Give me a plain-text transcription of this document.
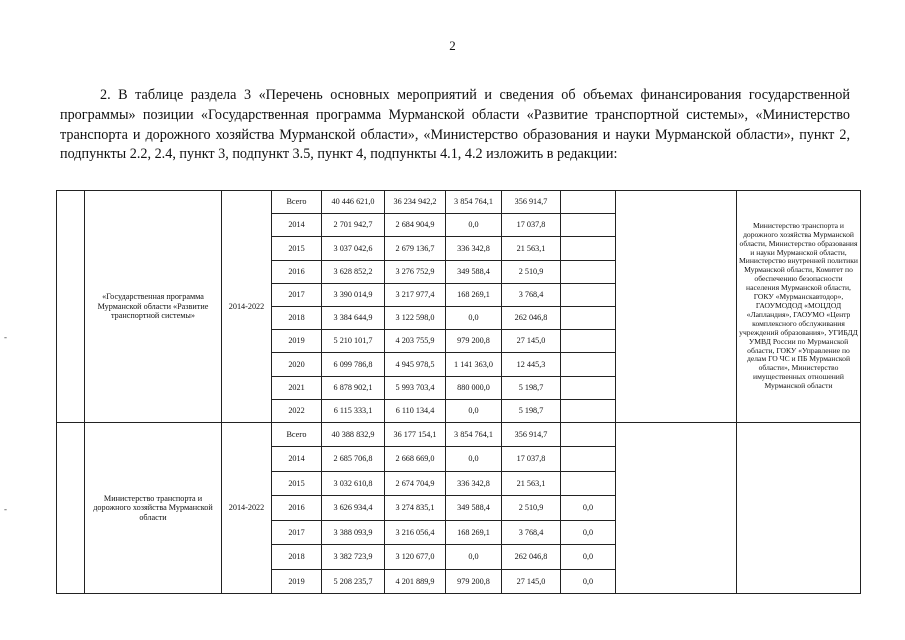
2
2. В таблице раздела 3 «Перечень основных мероприятий и сведения об объемах финансирования государственной программы» позиции «Государственная программа Мурманской области «Развитие транспортной системы», «Министерство транспорта и дорожного хозяйства Мурманской области», «Министерство образования и науки Мурманской области», пункт 2, подпункты 2.2, 2.4, пункт 3, подпункт 3.5, пункт 4, подпункты 4.1, 4.2 изложить в редакции:
-
-
	«Государственная программа Мурманской области «Развитие транспортной системы»	2014-2022	Всего	40 446 621,0	36 234 942,2	3 854 764,1	356 914,7			Министерство транспорта и дорожного хозяйства Мурманской области, Министерство образования и науки Мурманской области, Министерство внутренней политики Мурманской области, Комитет по обеспечению безопасности населения Мурманской области, ГОКУ «Мурманскавтодор», ГАОУМОДОД «МОЦДОД «Лапландия», ГАОУМО «Центр комплексного обслуживания учреждений образования», УГИБДД УМВД России по Мурманской области, ГОКУ «Управление по делам ГО ЧС и ПБ Мурманской области», Министерство имущественных отношений Мурманской области
			2014	2 701 942,7	2 684 904,9	0,0	17 037,8			
			2015	3 037 042,6	2 679 136,7	336 342,8	21 563,1			
			2016	3 628 852,2	3 276 752,9	349 588,4	2 510,9			
			2017	3 390 014,9	3 217 977,4	168 269,1	3 768,4			
			2018	3 384 644,9	3 122 598,0	0,0	262 046,8			
			2019	5 210 101,7	4 203 755,9	979 200,8	27 145,0			
			2020	6 099 786,8	4 945 978,5	1 141 363,0	12 445,3			
			2021	6 878 902,1	5 993 703,4	880 000,0	5 198,7			
			2022	6 115 333,1	6 110 134,4	0,0	5 198,7			
	Министерство транспорта и дорожного хозяйства Мурманской области	2014-2022	Всего	40 388 832,9	36 177 154,1	3 854 764,1	356 914,7			
			2014	2 685 706,8	2 668 669,0	0,0	17 037,8			
			2015	3 032 610,8	2 674 704,9	336 342,8	21 563,1			
			2016	3 626 934,4	3 274 835,1	349 588,4	2 510,9	0,0		
			2017	3 388 093,9	3 216 056,4	168 269,1	3 768,4	0,0		
			2018	3 382 723,9	3 120 677,0	0,0	262 046,8	0,0		
			2019	5 208 235,7	4 201 889,9	979 200,8	27 145,0	0,0		
